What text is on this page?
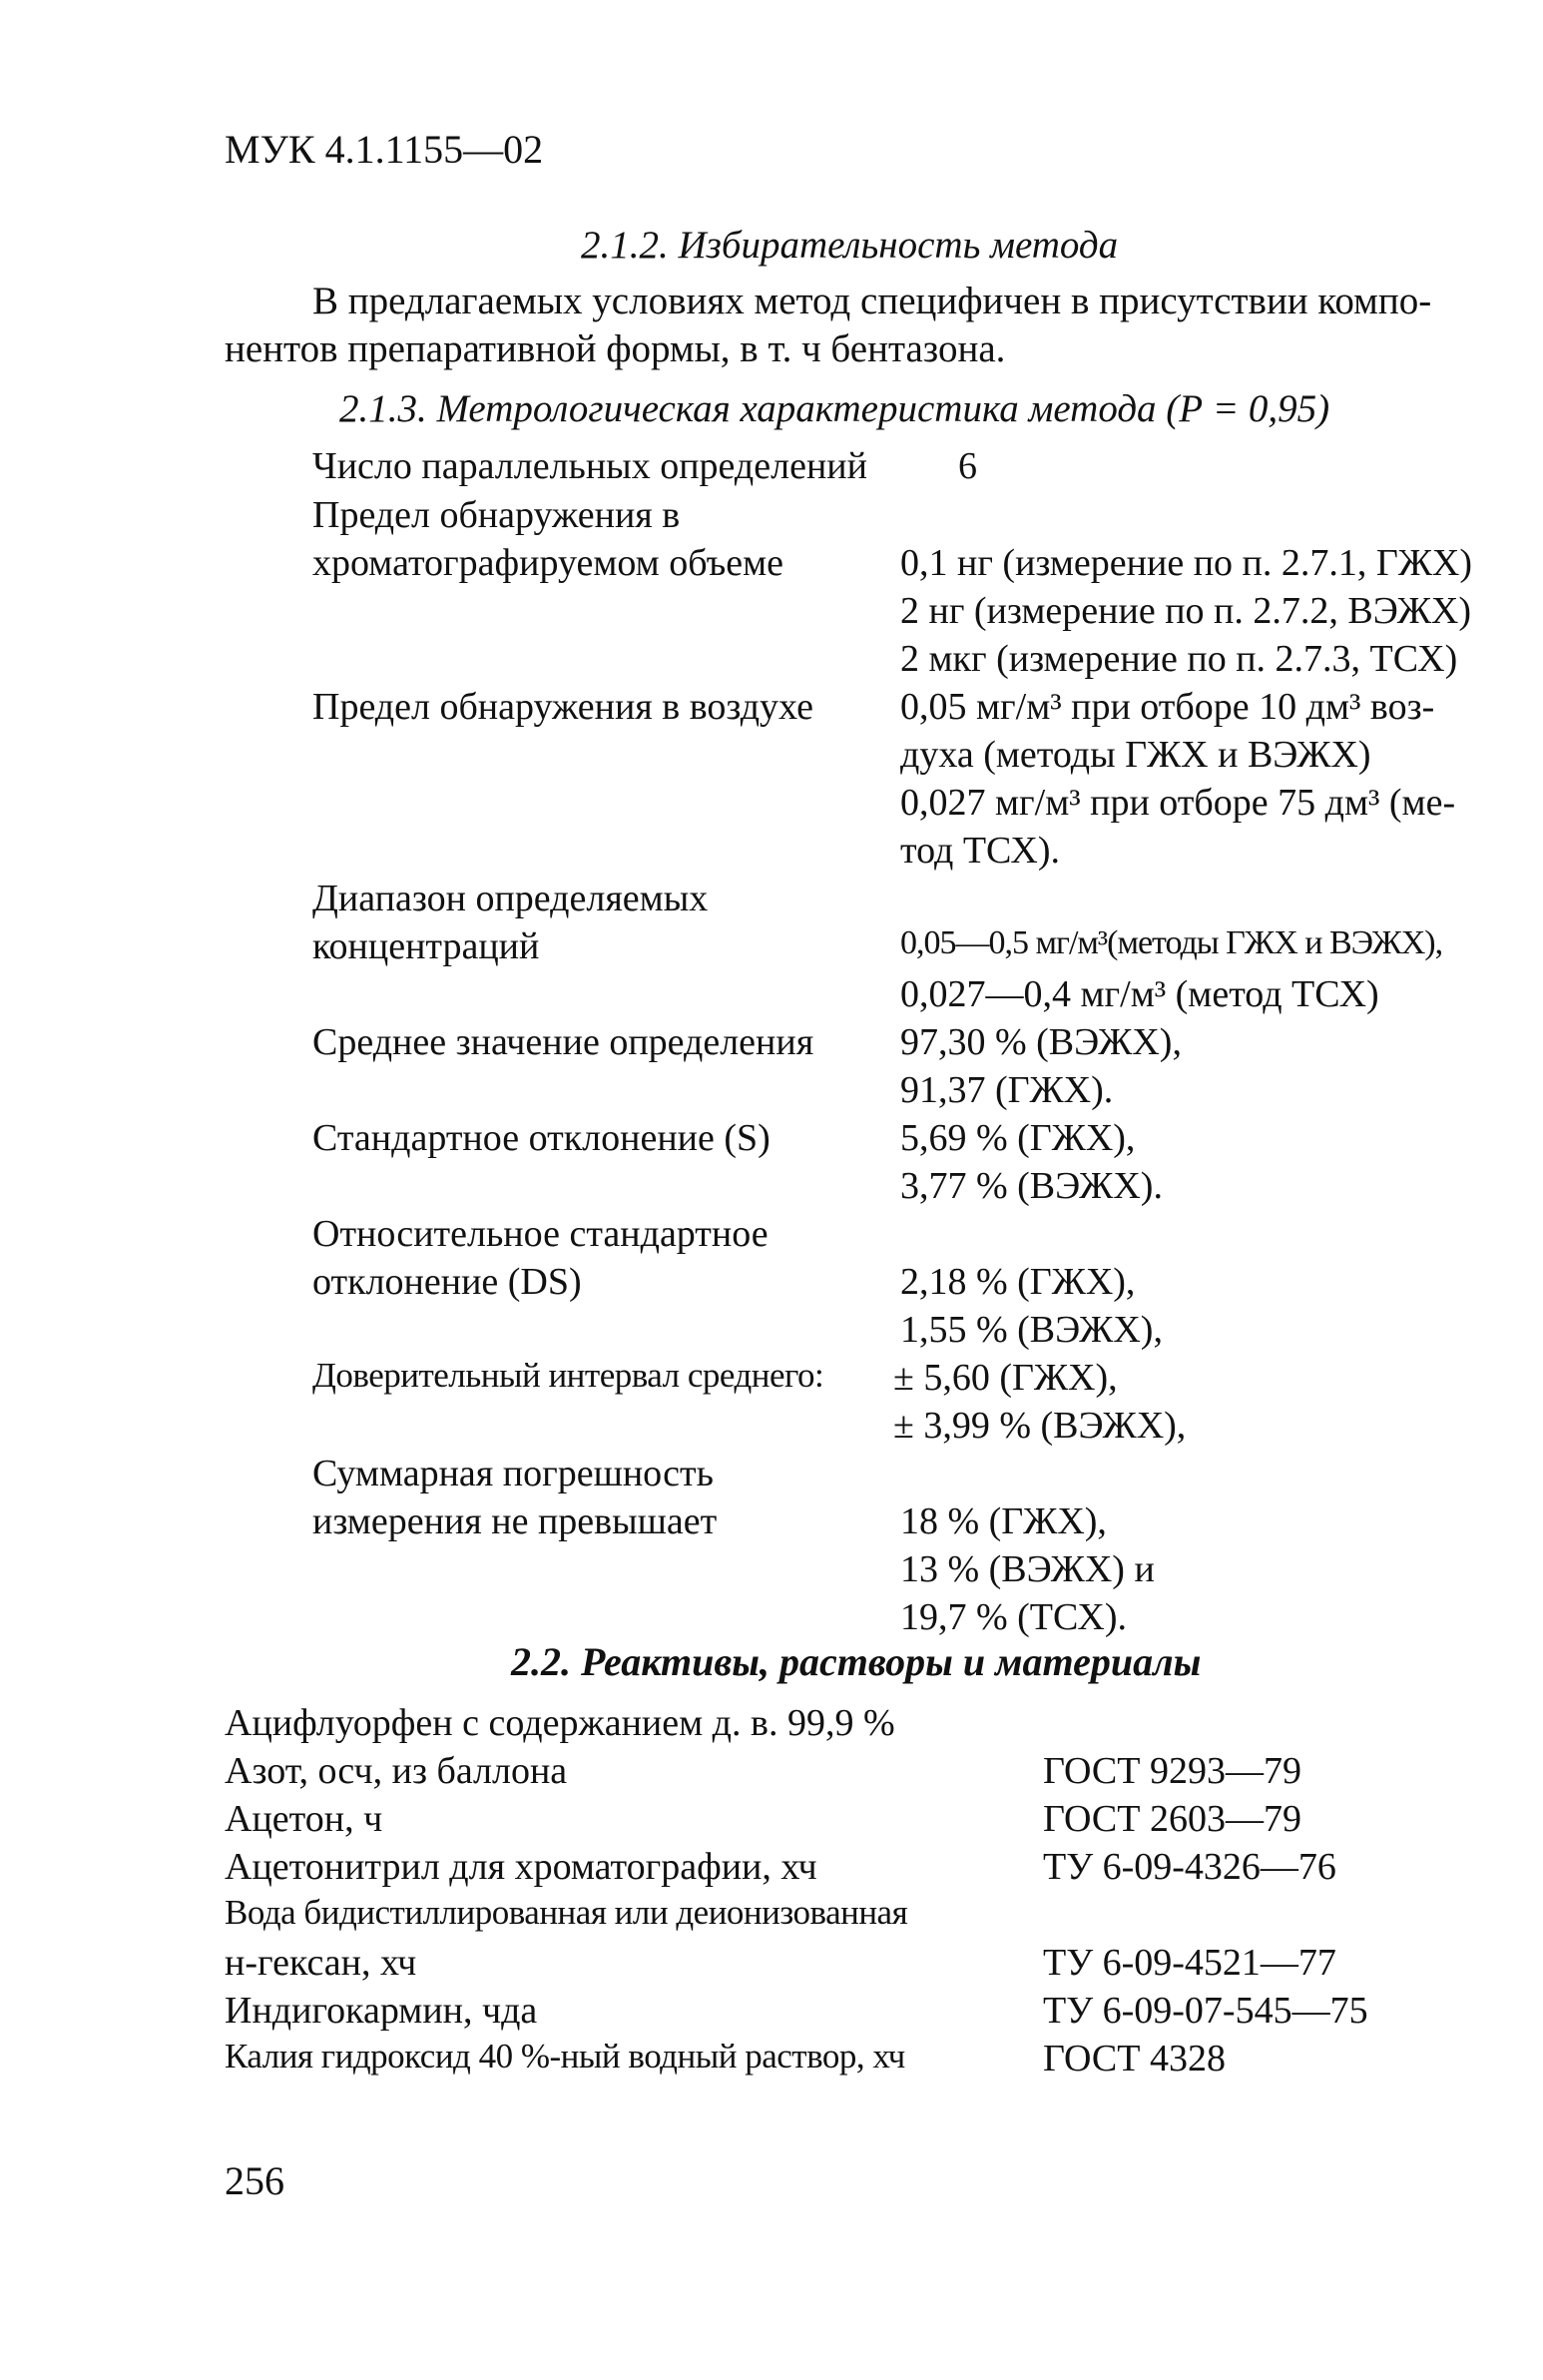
МУК 4.1.1155—02
2.1.2. Избирательность метода
В предлагаемых условиях метод специфичен в присутствии компо-
нентов препаративной формы, в т. ч бентазона.
2.1.3. Метрологическая характеристика метода (Р = 0,95)
Число параллельных определений 6
Предел обнаружения в
хроматографируемом объеме	0,1 нг (измерение по п. 2.7.1, ГЖХ)
2 нг (измерение по п. 2.7.2, ВЭЖХ)
2 мкг (измерение по п. 2.7.3, ТСХ)
Предел обнаружения в воздухе 0,05 мг/м³ при отборе 10 дм³ воз-
духа (методы ГЖХ и ВЭЖХ)
0,027 мг/м³ при отборе 75 дм³ (ме-
тод ТСХ).
Диапазон определяемых
концентраций	0,05—0,5 мг/м³(методы ГЖХ и ВЭЖХ),
0,027—0,4 мг/м³ (метод ТСХ)
Среднее значение определения 97,30 % (ВЭЖХ),
91,37 (ГЖХ).
Стандартное отклонение (S)	5,69 % (ГЖХ),
3,77 % (ВЭЖХ).
Относительное стандартное
отклонение (DS)	2,18 % (ГЖХ),
1,55 % (ВЭЖХ),
Доверительный интервал среднего: ± 5,60 (ГЖХ),
± 3,99 % (ВЭЖХ),
Суммарная погрешность
измерения не превышает	18 % (ГЖХ),
13 % (ВЭЖХ) и
19,7 % (ТСХ).
2.2. Реактивы, растворы и материалы
Ацифлуорфен с содержанием д. в. 99,9 %
Азот, осч, из баллона	ГОСТ 9293—79
Ацетон, ч	ГОСТ 2603—79
Ацетонитрил для хроматографии, хч	ТУ 6-09-4326—76
Вода бидистиллированная или деионизованная
н-гексан, хч	ТУ 6-09-4521—77
Индигокармин, чда	ТУ 6-09-07-545—75
Калия гидроксид 40 %-ный водный раствор, хч	ГОСТ 4328
256
